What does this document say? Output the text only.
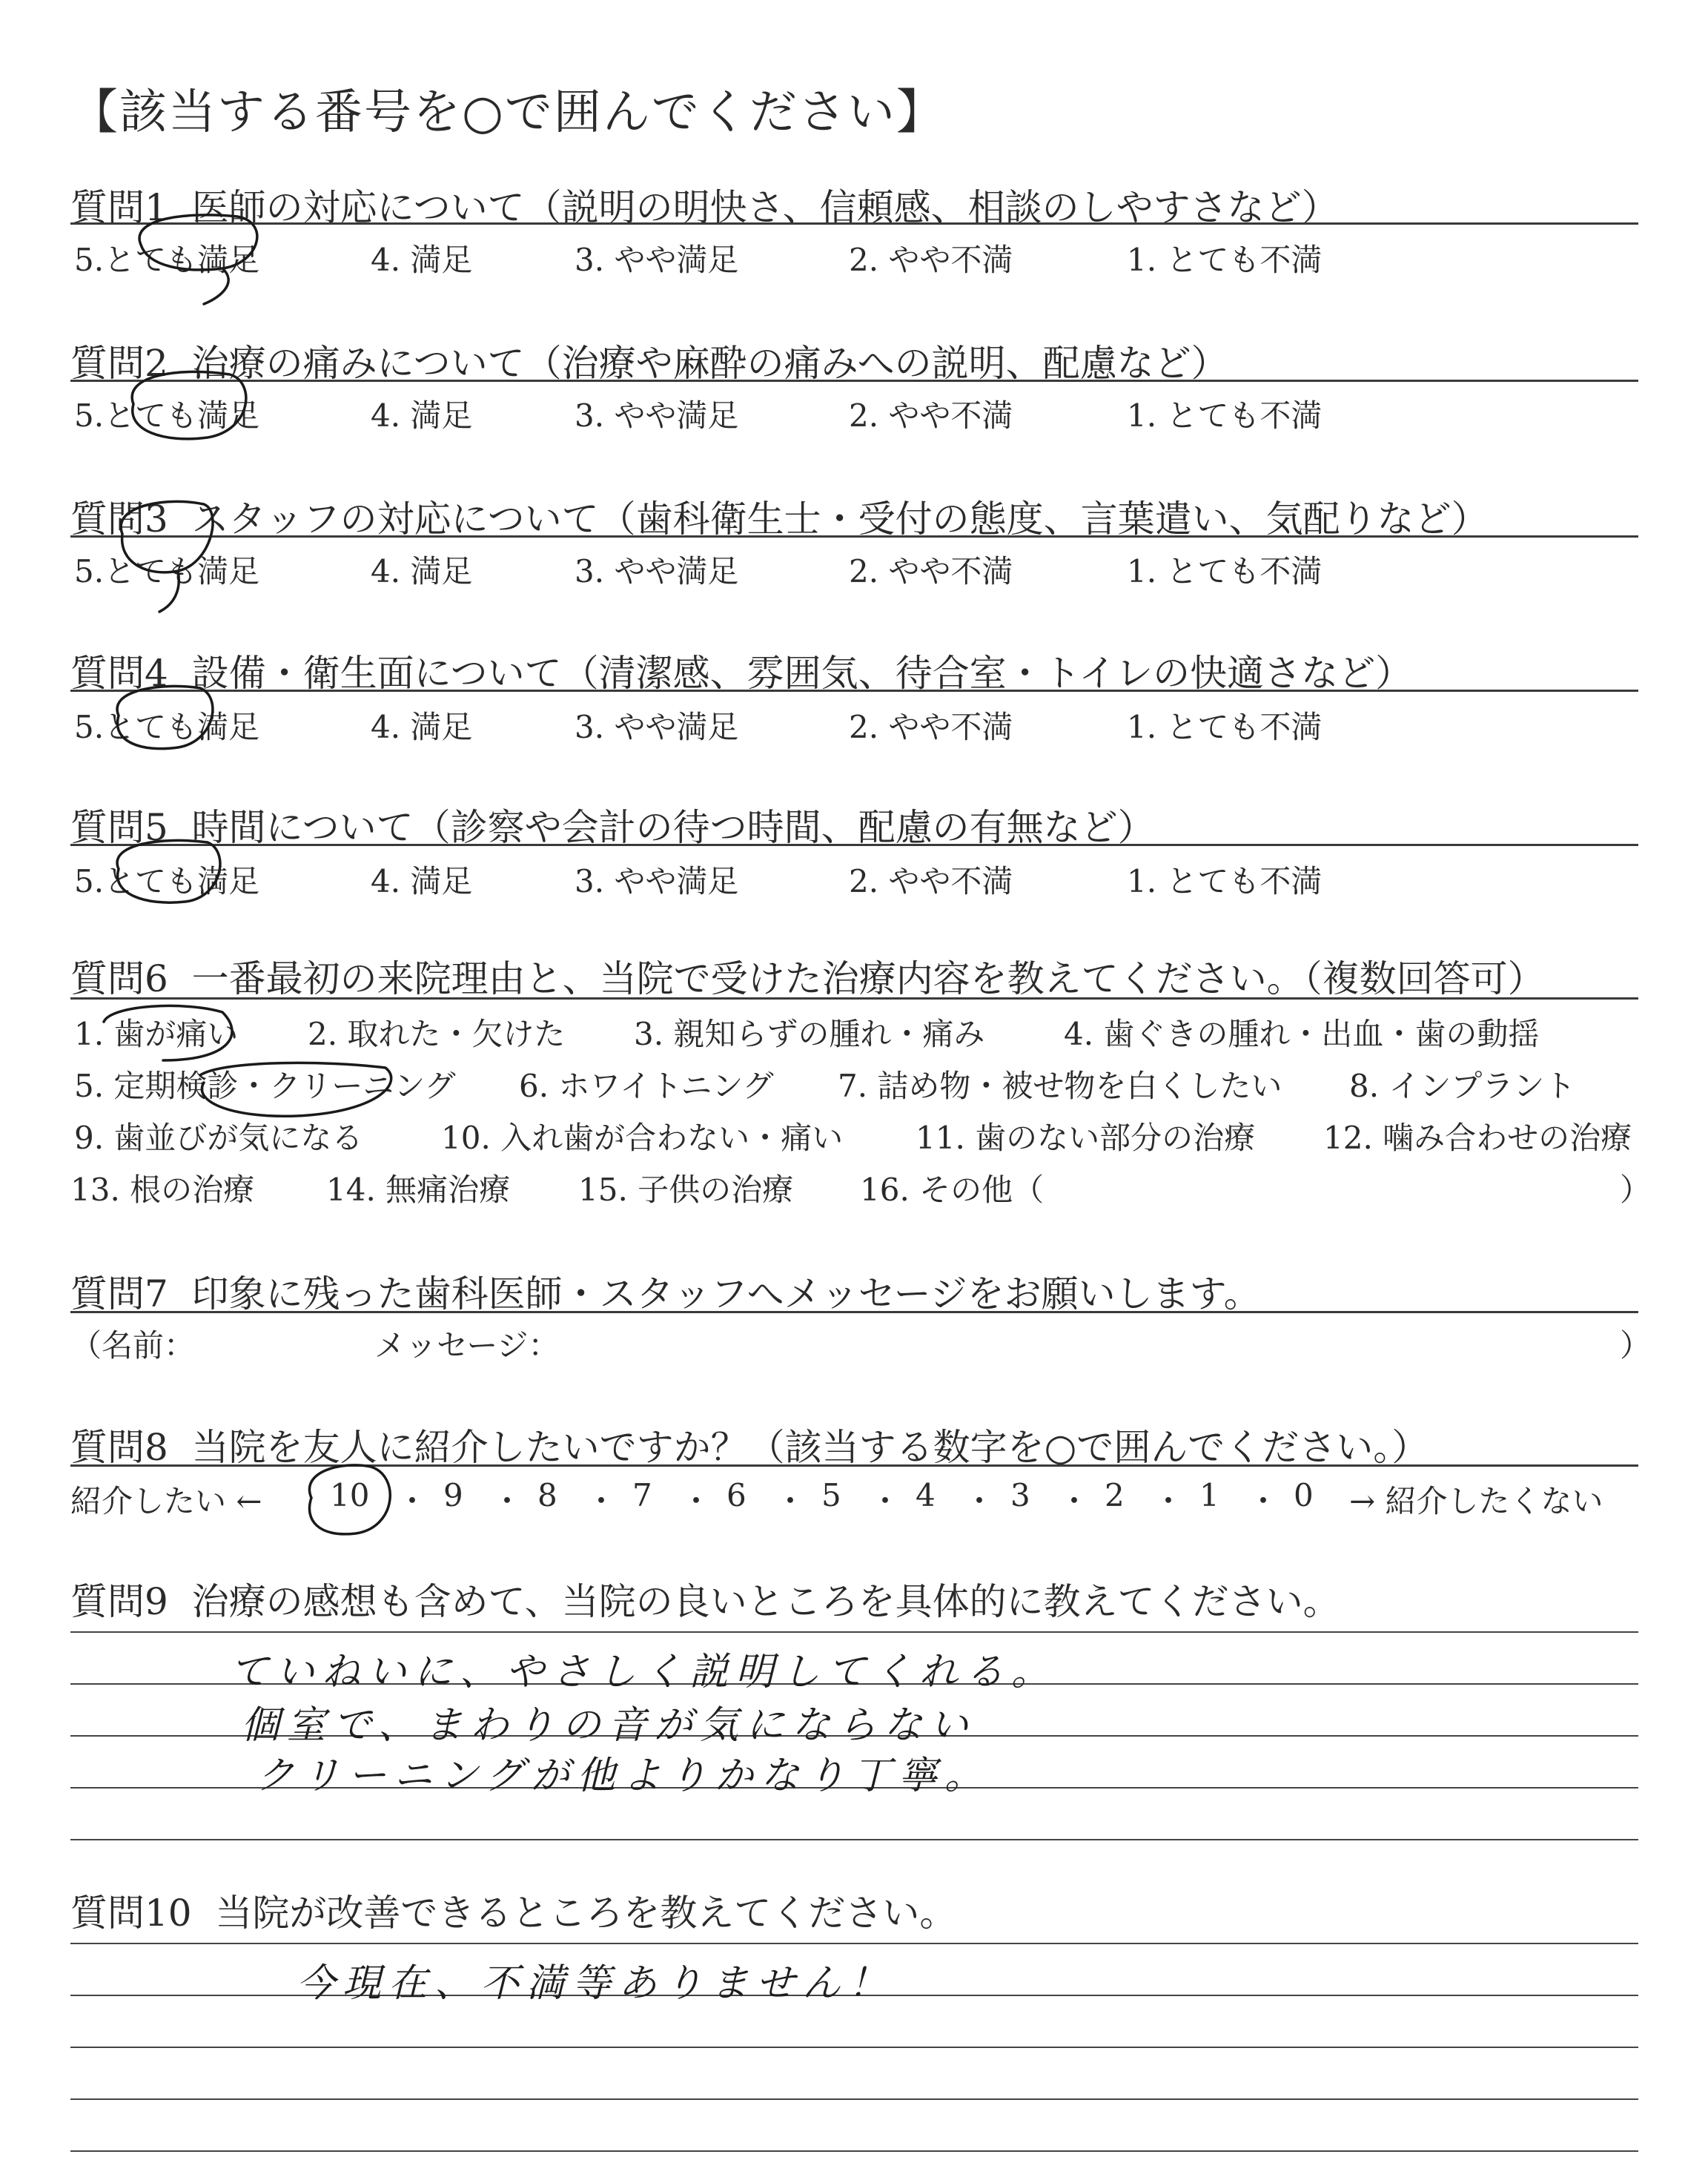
【該当する番号を○で囲んでください】
質問1 医師の対応について（説明の明快さ、信頼感、相談のしやすさなど）
5.とても満足	4. 満足	3. やや満足	2. やや不満	1. とても不満
質問2 治療の痛みについて（治療や麻酔の痛みへの説明、配慮など）
5.とても満足	4. 満足	3. やや満足	2. やや不満	1. とても不満
質問3 スタッフの対応について（歯科衛生士・受付の態度、言葉遣い、気配りなど）
5.とても満足	4. 満足	3. やや満足	2. やや不満	1. とても不満
質問4 設備・衛生面について（清潔感、雰囲気、待合室・トイレの快適さなど）
5.とても満足	4. 満足	3. やや満足	2. やや不満	1. とても不満
質問5 時間について（診察や会計の待つ時間、配慮の有無など）
5.とても満足	4. 満足	3. やや満足	2. やや不満	1. とても不満
質問6 一番最初の来院理由と、当院で受けた治療内容を教えてください。（複数回答可）
1. 歯が痛い 2. 取れた・欠けた 3. 親知らずの腫れ・痛み	4. 歯ぐきの腫れ・出血・歯の動揺
5. 定期検診・クリーニング 6. ホワイトニング 7. 詰め物・被せ物を白くしたい 8. インプラント
9. 歯並びが気になる	10. 入れ歯が合わない・痛い 11. 歯のない部分の治療 12. 噛み合わせの治療
13. 根の治療 14. 無痛治療 15. 子供の治療 16. その他（	）
質問7 印象に残った歯科医師・スタッフへメッセージをお願いします。
（名前：	メッセージ：	）
質問8 当院を友人に紹介したいですか？（該当する数字を○で囲んでください。）
紹介したい ← 10 ・ 9 ・ 8 ・ 7 ・ 6 ・ 5 ・ 4 ・ 3 ・ 2 ・ 1 ・ 0 → 紹介したくない
質問9 治療の感想も含めて、当院の良いところを具体的に教えてください。
ていねいに、やさしく説明してくれる。
個室で、まわりの音が気にならない
クリーニングが他よりかなり丁寧。
質問10 当院が改善できるところを教えてください。
今現在、不満等ありません！
